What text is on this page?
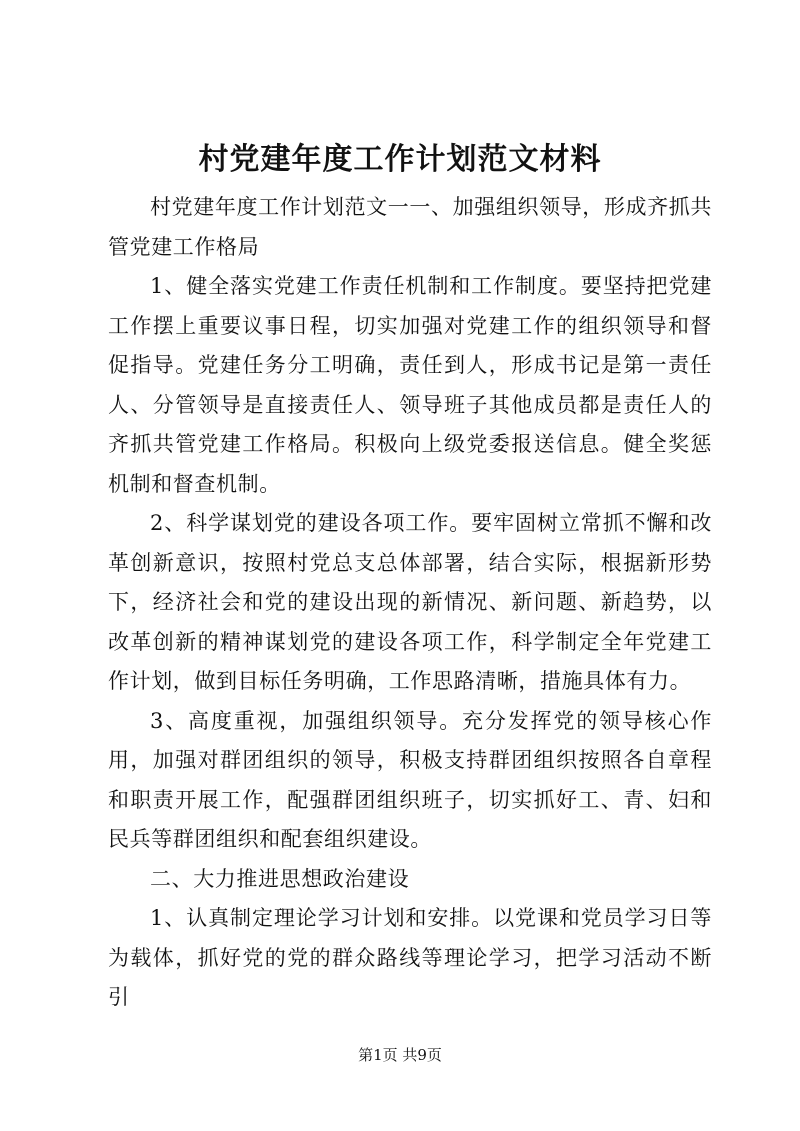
村党建年度工作计划范文材料

村党建年度工作计划范文一一、加强组织领导，形成齐抓共管党建工作格局

1、健全落实党建工作责任机制和工作制度。要坚持把党建工作摆上重要议事日程，切实加强对党建工作的组织领导和督促指导。党建任务分工明确，责任到人，形成书记是第一责任人、分管领导是直接责任人、领导班子其他成员都是责任人的齐抓共管党建工作格局。积极向上级党委报送信息。健全奖惩机制和督查机制。

2、科学谋划党的建设各项工作。要牢固树立常抓不懈和改革创新意识，按照村党总支总体部署，结合实际，根据新形势下，经济社会和党的建设出现的新情况、新问题、新趋势，以改革创新的精神谋划党的建设各项工作，科学制定全年党建工作计划，做到目标任务明确，工作思路清晰，措施具体有力。

3、高度重视，加强组织领导。充分发挥党的领导核心作用，加强对群团组织的领导，积极支持群团组织按照各自章程和职责开展工作，配强群团组织班子，切实抓好工、青、妇和民兵等群团组织和配套组织建设。

二、大力推进思想政治建设

1、认真制定理论学习计划和安排。以党课和党员学习日等为载体，抓好党的党的群众路线等理论学习，把学习活动不断引

第1页 共9页
